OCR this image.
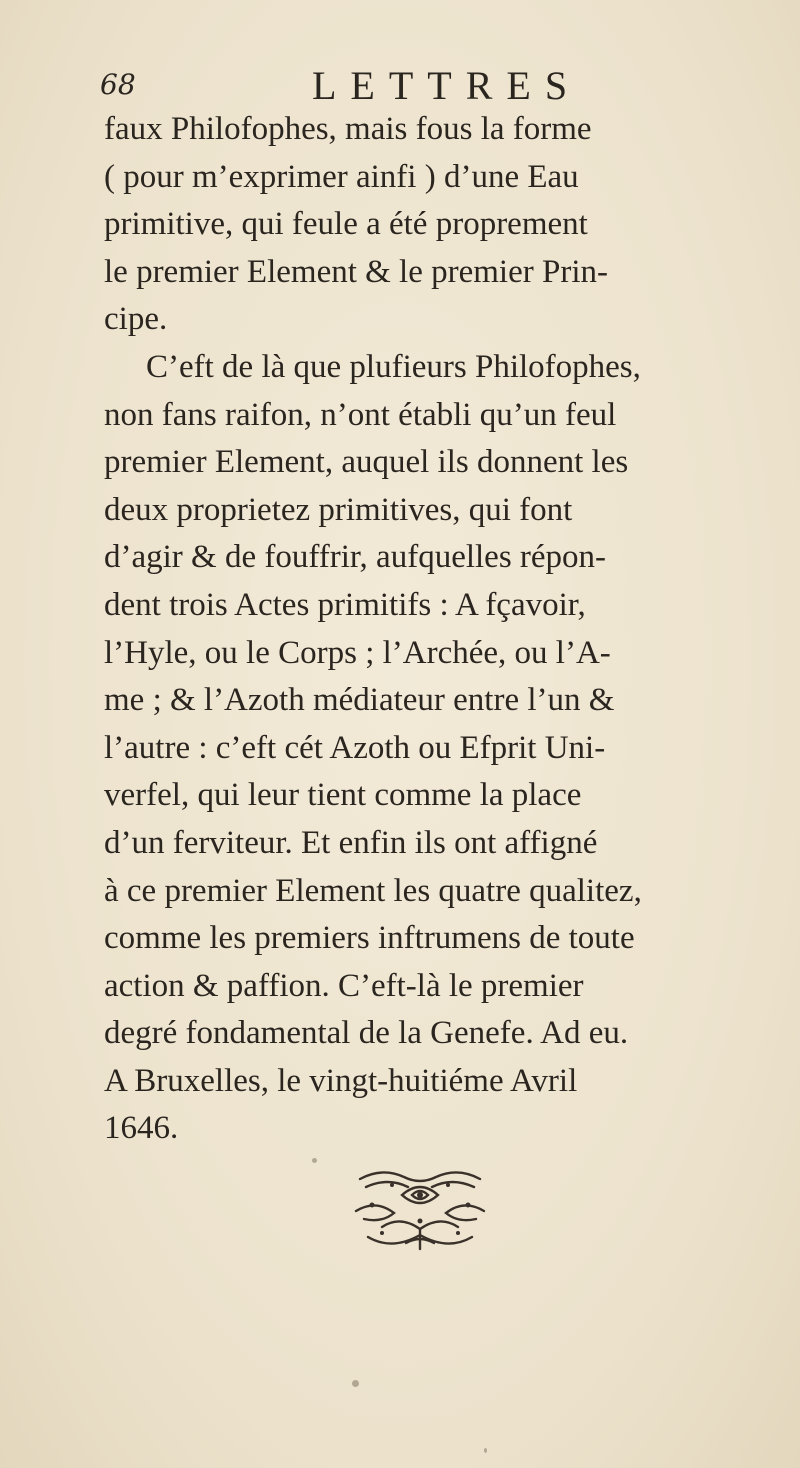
68	LETTRES
faux Philofophes, mais fous la forme
( pour m’exprimer ainfi ) d’une Eau
primitive, qui feule a été proprement
le premier Element & le premier Prin-
cipe.
C’eft de là que plufieurs Philofophes,
non fans raifon, n’ont établi qu’un feul
premier Element, auquel ils donnent les
deux proprietez primitives, qui font
d’agir & de fouffrir, aufquelles répon-
dent trois Actes primitifs : A fçavoir,
l’Hyle, ou le Corps ; l’Archée, ou l’A-
me ; & l’Azoth médiateur entre l’un &
l’autre : c’eft cét Azoth ou Efprit Uni-
verfel, qui leur tient comme la place
d’un ferviteur. Et enfin ils ont affigné
à ce premier Element les quatre qualitez,
comme les premiers inftrumens de toute
action & paffion. C’eft-là le premier
degré fondamental de la Genefe. Ad eu.
A Bruxelles, le vingt-huitiéme Avril
1646.
